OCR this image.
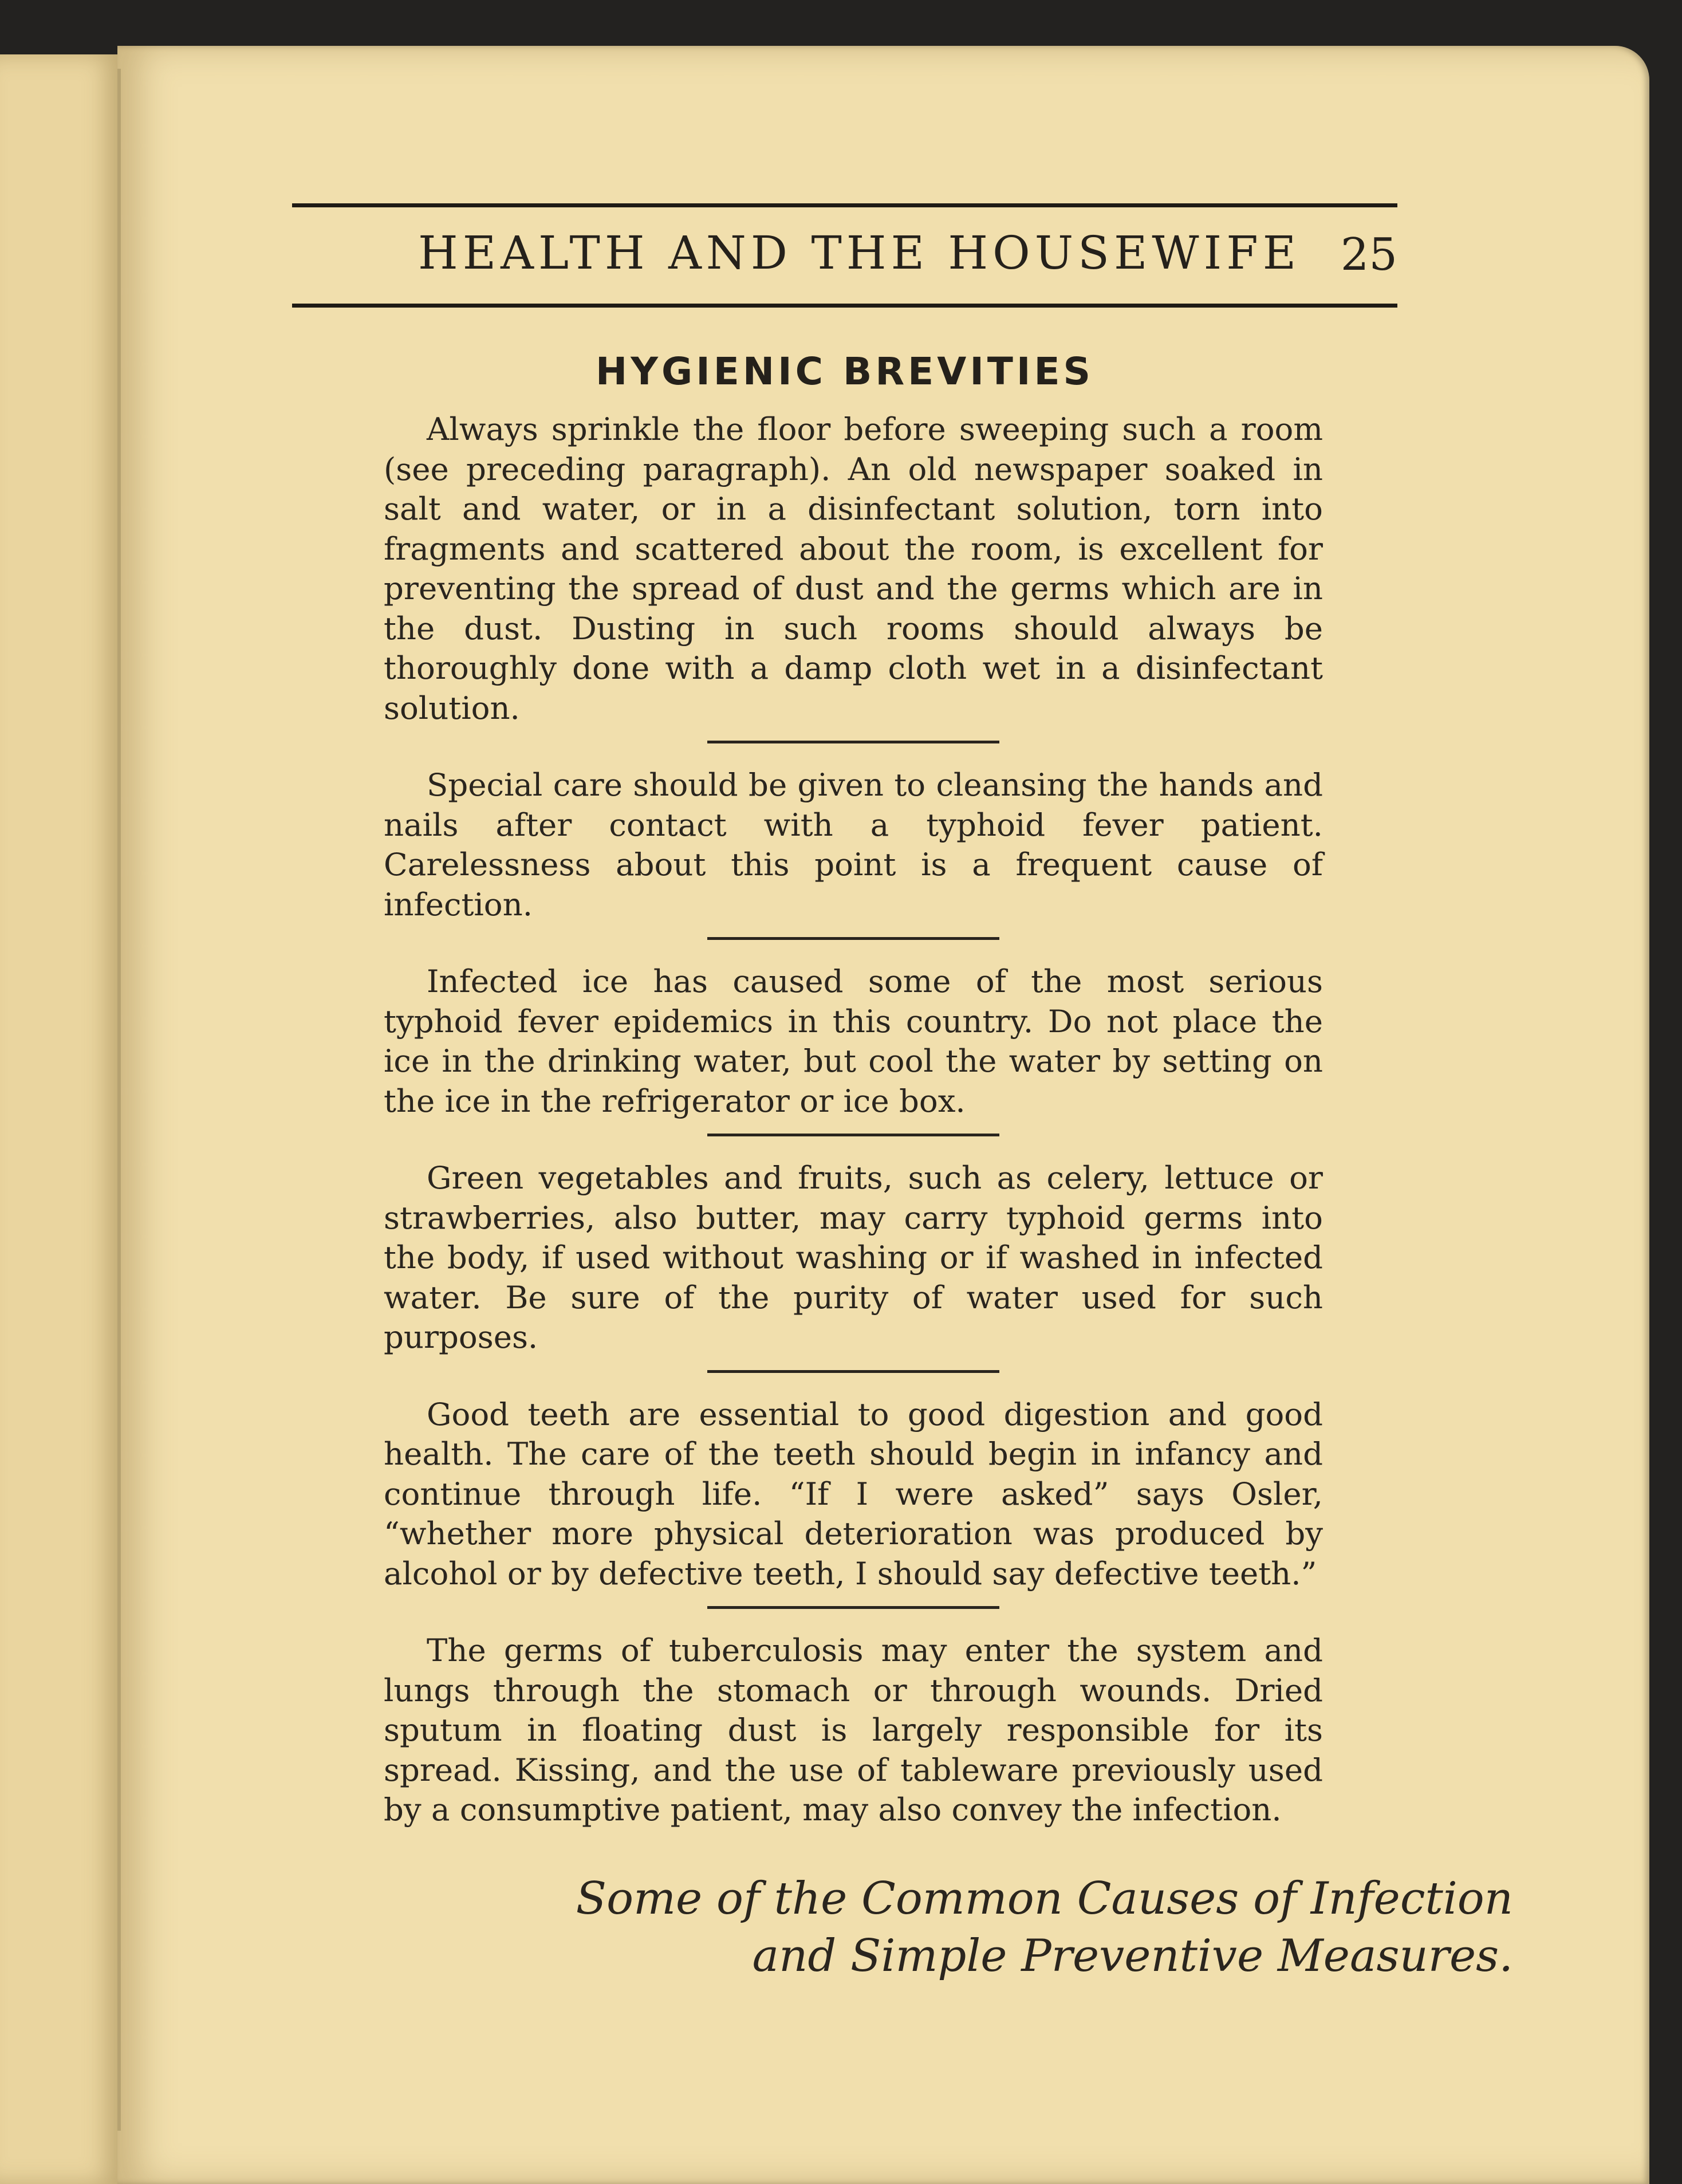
HEALTH AND THE HOUSEWIFE 25
HYGIENIC BREVITIES

Always sprinkle the floor before sweeping such a room (see preceding paragraph). An old newspaper soaked in salt and water, or in a disinfectant solution, torn into fragments and scattered about the room, is excellent for preventing the spread of dust and the germs which are in the dust. Dusting in such rooms should always be thoroughly done with a damp cloth wet in a disinfectant solution.

Special care should be given to cleansing the hands and nails after contact with a typhoid fever patient. Carelessness about this point is a frequent cause of infection.

Infected ice has caused some of the most serious typhoid fever epidemics in this country. Do not place the ice in the drinking water, but cool the water by setting on the ice in the refrigerator or ice box.

Green vegetables and fruits, such as celery, lettuce or strawberries, also butter, may carry typhoid germs into the body, if used without washing or if washed in infected water. Be sure of the purity of water used for such purposes.

Good teeth are essential to good digestion and good health. The care of the teeth should begin in infancy and continue through life. “If I were asked” says Osler, “whether more physical deterioration was produced by alcohol or by defective teeth, I should say defective teeth.”

The germs of tuberculosis may enter the system and lungs through the stomach or through wounds. Dried sputum in floating dust is largely responsible for its spread. Kissing, and the use of tableware previously used by a consumptive patient, may also convey the infection.

Some of the Common Causes of Infection
and Simple Preventive Measures.
